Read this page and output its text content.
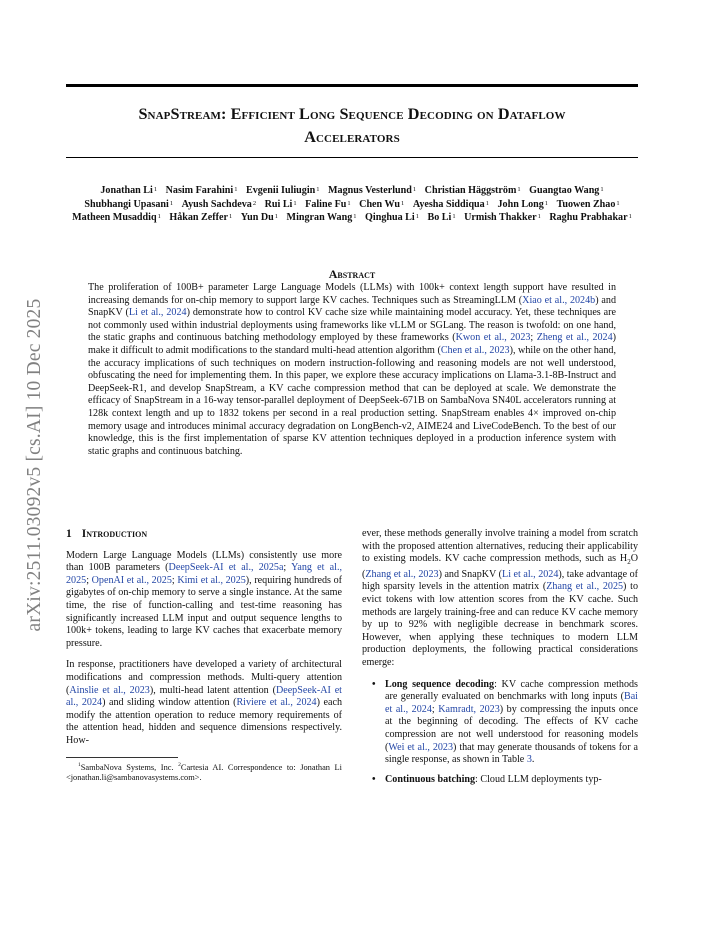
SnapStream: Efficient Long Sequence Decoding on Dataflow
Accelerators
Jonathan Li$^1$ Nasim Farahini$^1$ Evgenii Iuliugin$^1$ Magnus Vesterlund$^1$ Christian Häggström$^1$ Guangtao Wang$^1$ Shubhangi Upasani$^1$ Ayush Sachdeva$^2$ Rui Li$^1$ Faline Fu$^1$ Chen Wu$^1$ Ayesha Siddiqua$^1$ John Long$^1$ Tuowen Zhao$^1$ Matheen Musaddiq$^1$ Håkan Zeffer$^1$ Yun Du$^1$ Mingran Wang$^1$ Qinghua Li$^1$ Bo Li$^1$ Urmish Thakker$^1$ Raghu Prabhakar$^1$
arXiv:2511.03092v5 [cs.AI] 10 Dec 2025
Abstract
The proliferation of 100B+ parameter Large Language Models (LLMs) with 100k+ context length support have resulted in increasing demands for on-chip memory to support large KV caches. Techniques such as StreamingLLM (Xiao et al., 2024b) and SnapKV (Li et al., 2024) demonstrate how to control KV cache size while maintaining model accuracy. Yet, these techniques are not commonly used within industrial deployments using frameworks like vLLM or SGLang. The reason is twofold: on one hand, the static graphs and continuous batching methodology employed by these frameworks (Kwon et al., 2023; Zheng et al., 2024) make it difficult to admit modifications to the standard multi-head attention algorithm (Chen et al., 2023), while on the other hand, the accuracy implications of such techniques on modern instruction-following and reasoning models are not well understood, obfuscating the need for implementing them. In this paper, we explore these accuracy implications on Llama-3.1-8B-Instruct and DeepSeek-R1, and develop SnapStream, a KV cache compression method that can be deployed at scale. We demonstrate the efficacy of SnapStream in a 16-way tensor-parallel deployment of DeepSeek-671B on SambaNova SN40L accelerators running at 128k context length and up to 1832 tokens per second in a real production setting. SnapStream enables 4× improved on-chip memory usage and introduces minimal accuracy degradation on LongBench-v2, AIME24 and LiveCodeBench. To the best of our knowledge, this is the first implementation of sparse KV attention techniques deployed in a production inference system with static graphs and continuous batching.
1 Introduction

Modern Large Language Models (LLMs) consistently use more than 100B parameters (DeepSeek-AI et al., 2025a; Yang et al., 2025; OpenAI et al., 2025; Kimi et al., 2025), requiring hundreds of gigabytes of on-chip memory to serve a single instance. At the same time, the rise of function-calling and test-time reasoning has significantly increased LLM input and output sequence lengths to 100k+ tokens, leading to large KV caches that exacerbate memory pressure.

In response, practitioners have developed a variety of architectural modifications and compression methods. Multi-query attention (Ainslie et al., 2023), multi-head latent attention (DeepSeek-AI et al., 2024) and sliding window attention (Riviere et al., 2024) each modify the attention operation to reduce memory requirements of the attention head, hidden and sequence dimensions respectively. How-

$^1$SambaNova Systems, Inc. $^2$Cartesia AI. Correspondence to: Jonathan Li <jonathan.li@sambanovasystems.com>.

ever, these methods generally involve training a model from scratch with the proposed attention alternatives, reducing their applicability to existing models. KV cache compression methods, such as $H_2O$ (Zhang et al., 2023) and SnapKV (Li et al., 2024), take advantage of high sparsity levels in the attention matrix (Zhang et al., 2025) to evict tokens with low attention scores from the KV cache. Such methods are largely training-free and can reduce KV cache memory by up to 92% with negligible decrease in benchmark scores. However, when applying these techniques to modern LLM production deployments, the following practical considerations emerge:

• Long sequence decoding: KV cache compression methods are generally evaluated on benchmarks with long inputs (Bai et al., 2024; Kamradt, 2023) by compressing the inputs once at the beginning of decoding. The effects of KV cache compression are not well understood for reasoning models (Wei et al., 2023) that may generate thousands of tokens for a single response, as shown in Table 3.
• Continuous batching: Cloud LLM deployments typ-
